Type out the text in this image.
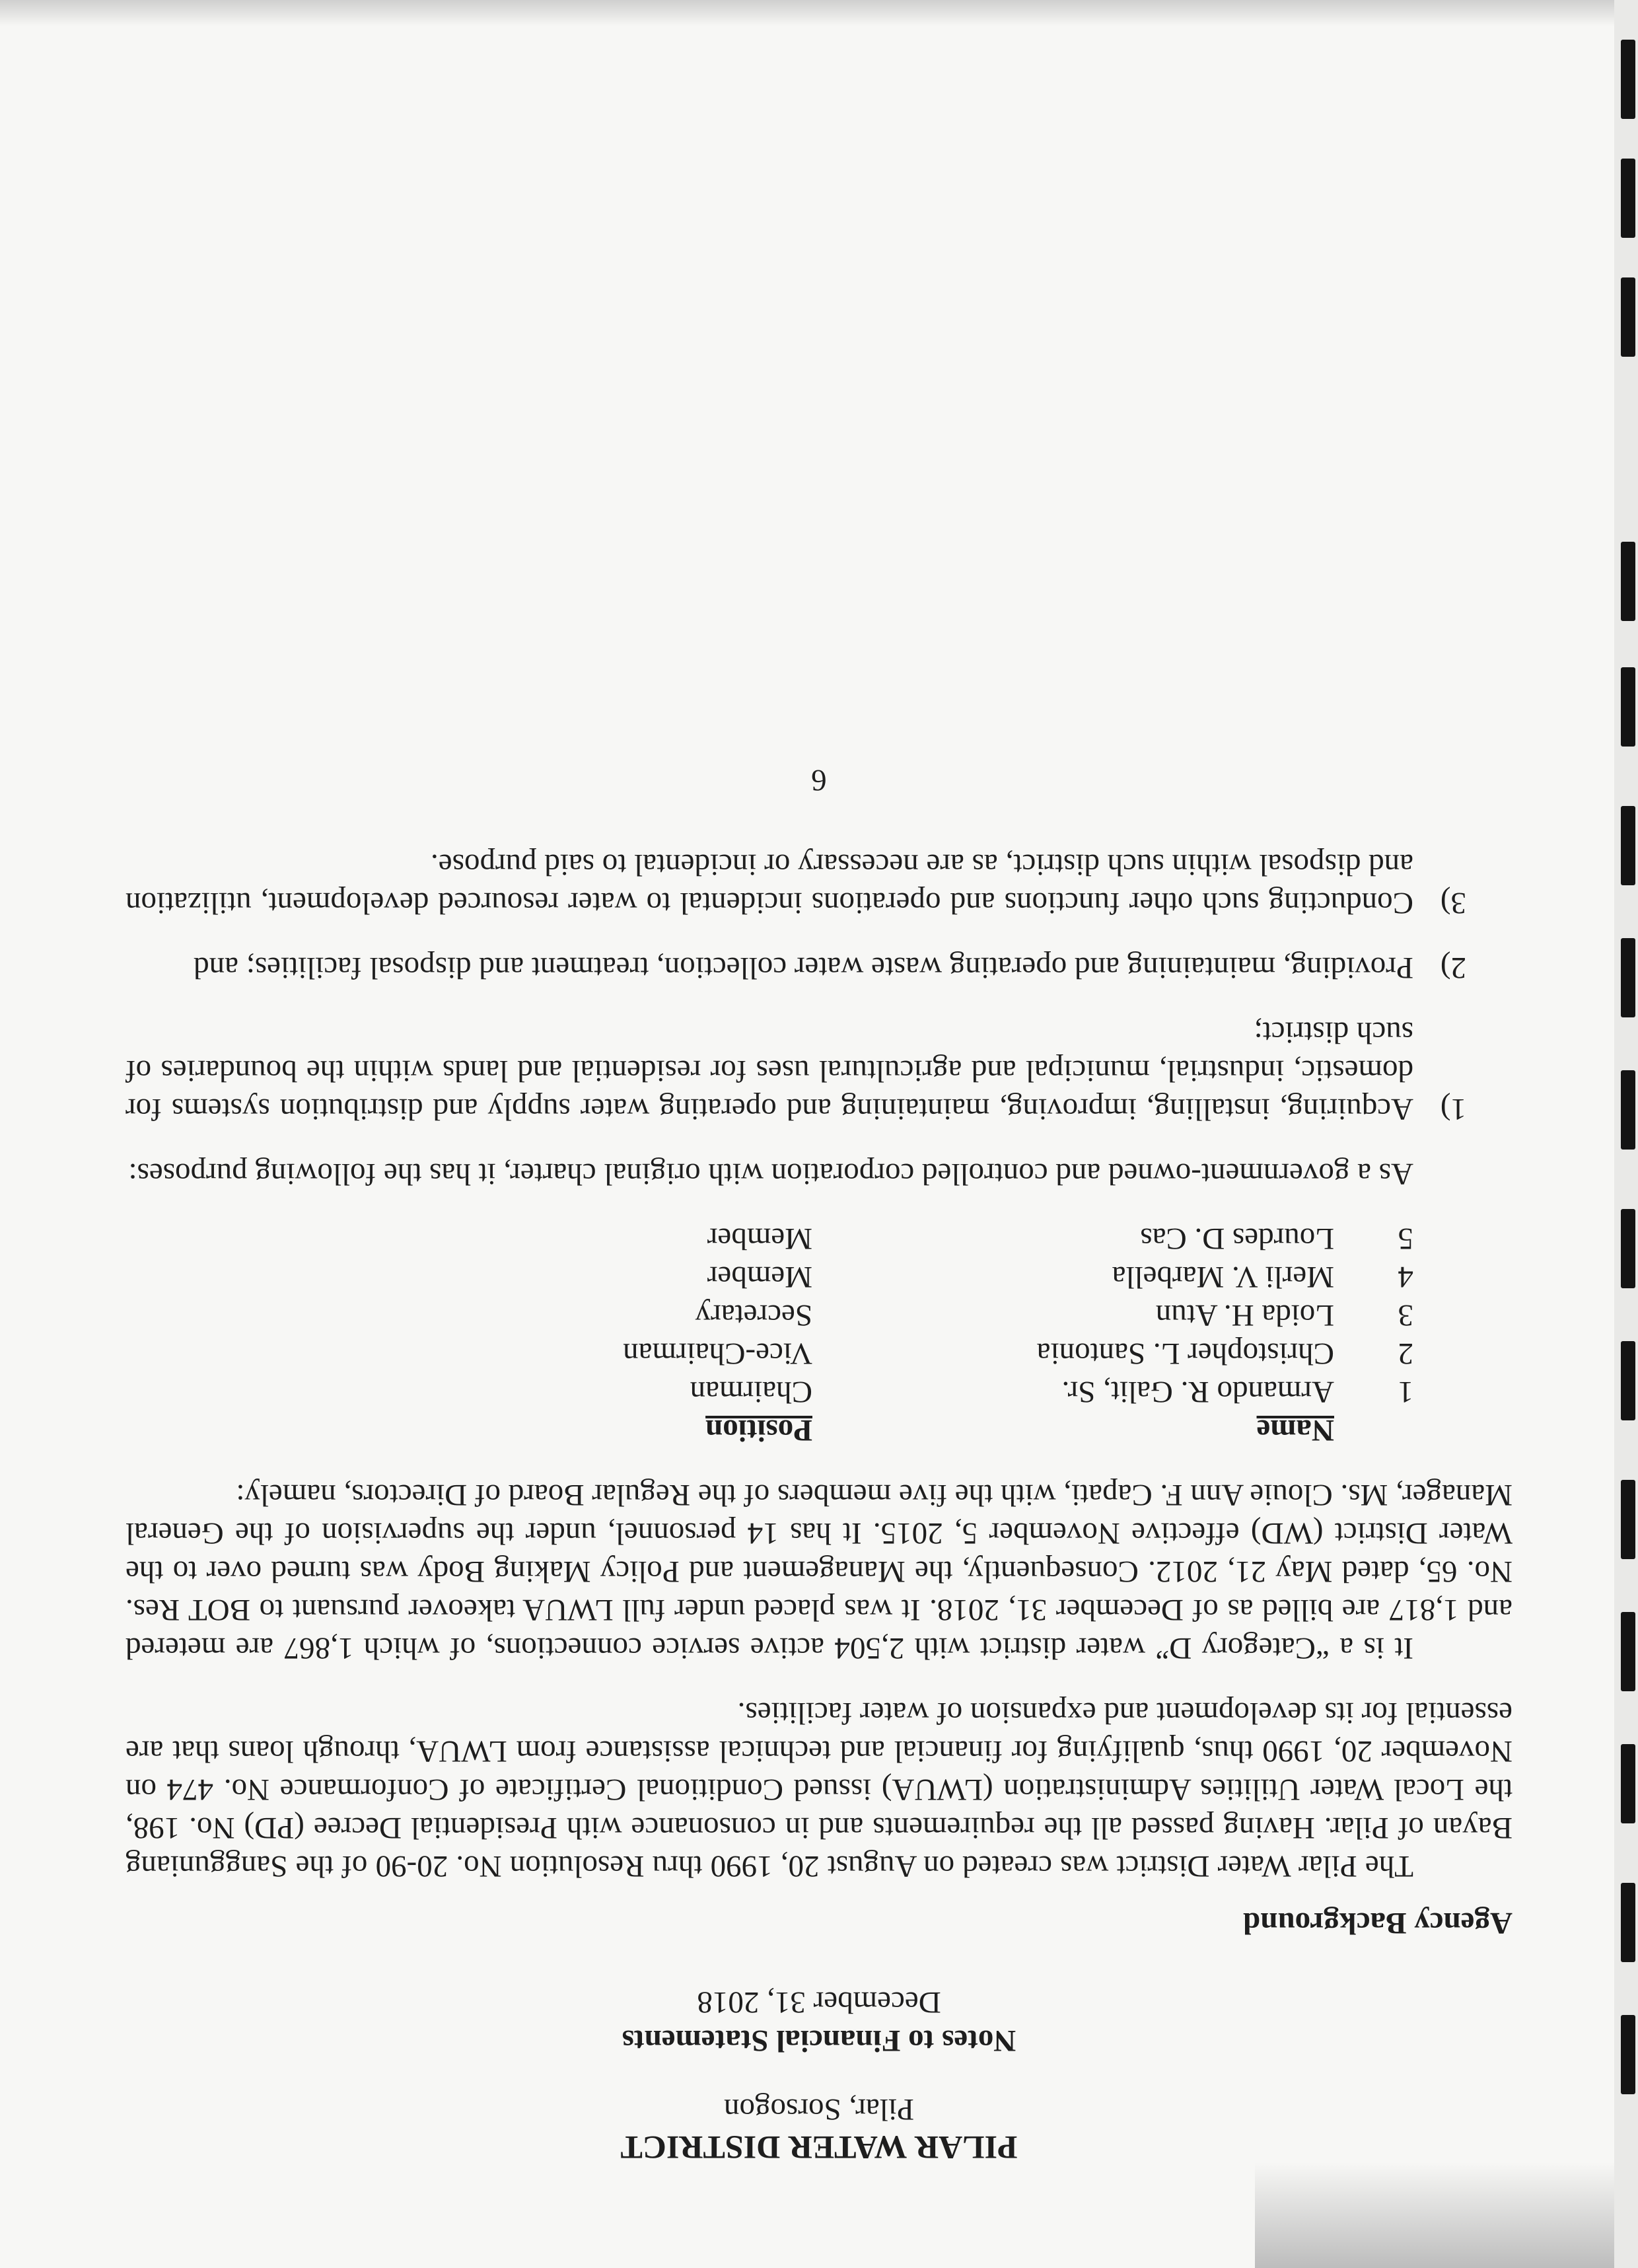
PILAR WATER DISTRICT

Pilar, Sorsogon

Notes to Financial Statements

December 31, 2018

Agency Background

The Pilar Water District was created on August 20, 1990 thru Resolution No. 20-90 of the Sangguniang Bayan of Pilar. Having passed all the requirements and in consonance with Presidential Decree (PD) No. 198, the Local Water Utilities Administration (LWUA) issued Conditional Certificate of Conformance No. 474 on November 20, 1990 thus, qualifying for financial and technical assistance from LWUA, through loans that are essential for its development and expansion of water facilities.

It is a “Category D” water district with 2,504 active service connections, of which 1,867 are metered and 1,817 are billed as of December 31, 2018. It was placed under full LWUA takeover pursuant to BOT Res. No. 65, dated May 21, 2012. Consequently, the Management and Policy Making Body was turned over to the Water District (WD) effective November 5, 2015. It has 14 personnel, under the supervision of the General Manager, Ms. Clouie Ann F. Capati, with the five members of the Regular Board of Directors, namely:

Name
Position
1
Armando R. Galit, Sr.
Chairman
2
Christopher L. Santonia
Vice-Chairman
3
Loida H. Atun
Secretary
4
Merli V. Marbella
Member
5
Lourdes D. Cas
Member

As a government-owned and controlled corporation with original charter, it has the following purposes:

1)
Acquiring, installing, improving, maintaining and operating water supply and distribution systems for domestic, industrial, municipal and agricultural uses for residential and lands within the boundaries of such district;
2)
Providing, maintaining and operating waste water collection, treatment and disposal facilities; and
3)
Conducting such other functions and operations incidental to water resourced development, utilization and disposal within such district, as are necessary or incidental to said purpose.

6
